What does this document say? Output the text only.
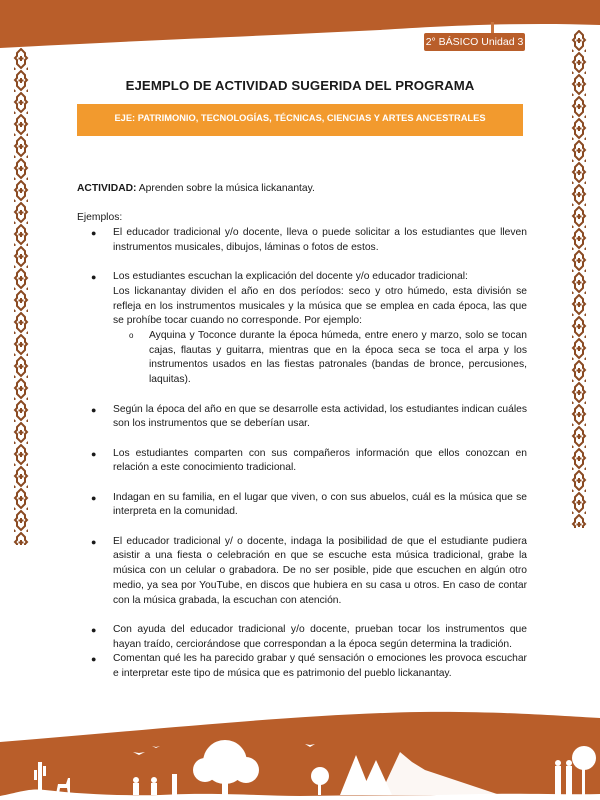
2° BÁSICO Unidad 3
EJEMPLO DE ACTIVIDAD SUGERIDA DEL PROGRAMA
EJE: PATRIMONIO, TECNOLOGÍAS, TÉCNICAS, CIENCIAS Y ARTES ANCESTRALES

ACTIVIDAD: Aprenden sobre la música lickanantay.

Ejemplos:

● El educador tradicional y/o docente, lleva o puede solicitar a los estudiantes que lleven instrumentos musicales, dibujos, láminas o fotos de estos.
● Los estudiantes escuchan la explicación del docente y/o educador tradicional:
Los lickanantay dividen el año en dos períodos: seco y otro húmedo, esta división se refleja en los instrumentos musicales y la música que se emplea en cada época, las que se prohíbe tocar cuando no corresponde. Por ejemplo:
o Ayquina y Toconce durante la época húmeda, entre enero y marzo, solo se tocan cajas, flautas y guitarra, mientras que en la época seca se toca el arpa y los instrumentos usados en las fiestas patronales (bandas de bronce, percusiones, laquitas).
● Según la época del año en que se desarrolle esta actividad, los estudiantes indican cuáles son los instrumentos que se deberían usar.
● Los estudiantes comparten con sus compañeros información que ellos conozcan en relación a este conocimiento tradicional.
● Indagan en su familia, en el lugar que viven, o con sus abuelos, cuál es la música que se interpreta en la comunidad.
● El educador tradicional y/ o docente, indaga la posibilidad de que el estudiante pudiera asistir a una fiesta o celebración en que se escuche esta música tradicional, grabe la música con un celular o grabadora. De no ser posible, pide que escuchen en algún otro medio, ya sea por YouTube, en discos que hubiera en su casa u otros. En caso de contar con la música grabada, la escuchan con atención.
● Con ayuda del educador tradicional y/o docente, prueban tocar los instrumentos que hayan traído, cerciorándose que correspondan a la época según determina la tradición.
● Comentan qué les ha parecido grabar y qué sensación o emociones les provoca escuchar e interpretar este tipo de música que es patrimonio del pueblo lickanantay.
